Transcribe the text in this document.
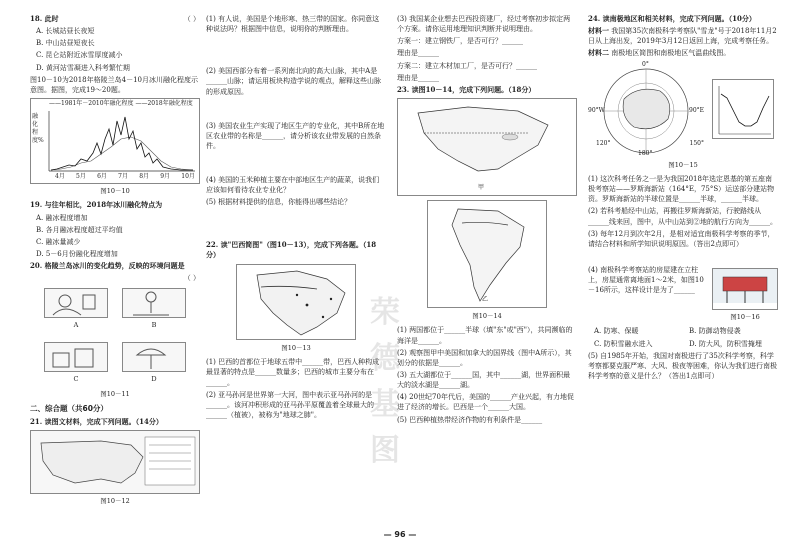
18. 此时	（ ）

A. 长城站昼长夜短

B. 中山站昼短夜长

C. 昆仑站附近冰雪厚度减小

D. 黄河站雪凝进入科考繁忙期

图10－10为2018年格陵兰岛4－10月冰川融化程度示意图。据图，完成19～20题。

——1981年－2010年融化程度 ——2018年融化程度
融化程度%
4月 5月 6月 7月 8月 9月 10月
图10－10

19. 与往年相比，2018年冰川融化特点为

A. 融冰程度增加

B. 各月融冰程度超过平均值

C. 融冰量减少

D. 5－6月份融化程度增加

20. 格陵兰岛冰川的变化趋势，反映的环境问题是

（ ）

A	B
C	D
图10－11
二、综合题（共60分）

21. 读图文材料，完成下列问题。（14分）

图10－12

(1) 有人说，美国是个地形寒、热三带的国家。你同意这种说法吗？根据图中信息，说明你的判断理由。

(2) 美国西部分布着一系列南北向的高大山脉，其中A是______山脉；请运用板块构造学说的观点，解释这些山脉的形成原因。

(3) 美国农业生产实现了地区生产的专业化，其中B所在地区农业带的名称是______，请分析该农业带发展的自然条件。

(4) 美国的玉米种植主要在中部地区生产的蔬菜，说我们应该如何看待农业专业化？

(5) 根据材料提供的信息，你能得出哪些结论？

22. 读"巴西简图"（图10－13），完成下列各题。（18分）

图10－13

(1) 巴西的首都位于地球五带中______带，巴西人种构成最显著的特点是______数量多；巴西的城市主要分布在______。

(2) 亚马孙河是世界第一大河，图中表示亚马孙河的是______。该河冲积形成的亚马孙平原覆盖着全球最大的______（植被），被称为"地球之肺"。

(3) 我国某企业想去巴西投资建厂，经过考察初步拟定两个方案。请你运用地理知识判断并说明理由。

方案一：建立钢铁厂，是否可行？______

理由是______

方案二：建立木材加工厂，是否可行？______

理由是______

23. 读图10－14，完成下列问题。（18分）

甲
乙
图10－14

(1) 两国都位于______半球（填"东"或"西"），共同濒临的海洋是______。

(2) 观察图甲中美国和加拿大的国界线（图中A所示），其划分的依据是______。

(3) 五大湖都位于______国，其中______湖，世界面积最大的淡水湖是______湖。

(4) 20世纪70年代后，美国的______产业兴起，有力地促进了经济的增长。巴西是一个______大国。

(5) 巴西种植热带经济作物的有利条件是______

24. 读南极地区和相关材料，完成下列问题。（10分）

材料一 我国第35次南极科学考察队"雪龙"号于2018年11月2日从上海出发，2019年3月12日返回上海，完成考察任务。

材料二 南极地区简图和南极地区气温曲线图。

0°
90°E
180°
90°W
120°	150°
图10－15

(1) 这次科考任务之一是为我国2018年选定恩基的第五座南极考察站——罗斯海新站（164°E，75°S）运送部分建站物资。罗斯海新站的半球位置是______半球，______半球。

(2) 若科考船经中山站，再搬往罗斯海新站，行驶路线从______线来回，图中，从中山站到②地的航行方向为______。

(3) 每年12月到次年2月，是相对适宜南极科学考察的季节，请结合材料和所学知识说明原因。（答出2点即可）

(4) 南极科学考察站的房屋建在立柱上，房屋通常离地面1～2米，如图10－16所示，这样设计是为了______

图10－16

A. 防寒、保暖	B. 防御动物侵袭

C. 防积雪融水进入	D. 防大风，防积雪掩埋

(5) 自1985年开始，我国对南极进行了35次科学考察，科学考察都要克服严寒、大风、极夜等困难，你认为我们进行南极科学考察的意义是什么？（答出1点即可）

荣德基图
— 96 —
